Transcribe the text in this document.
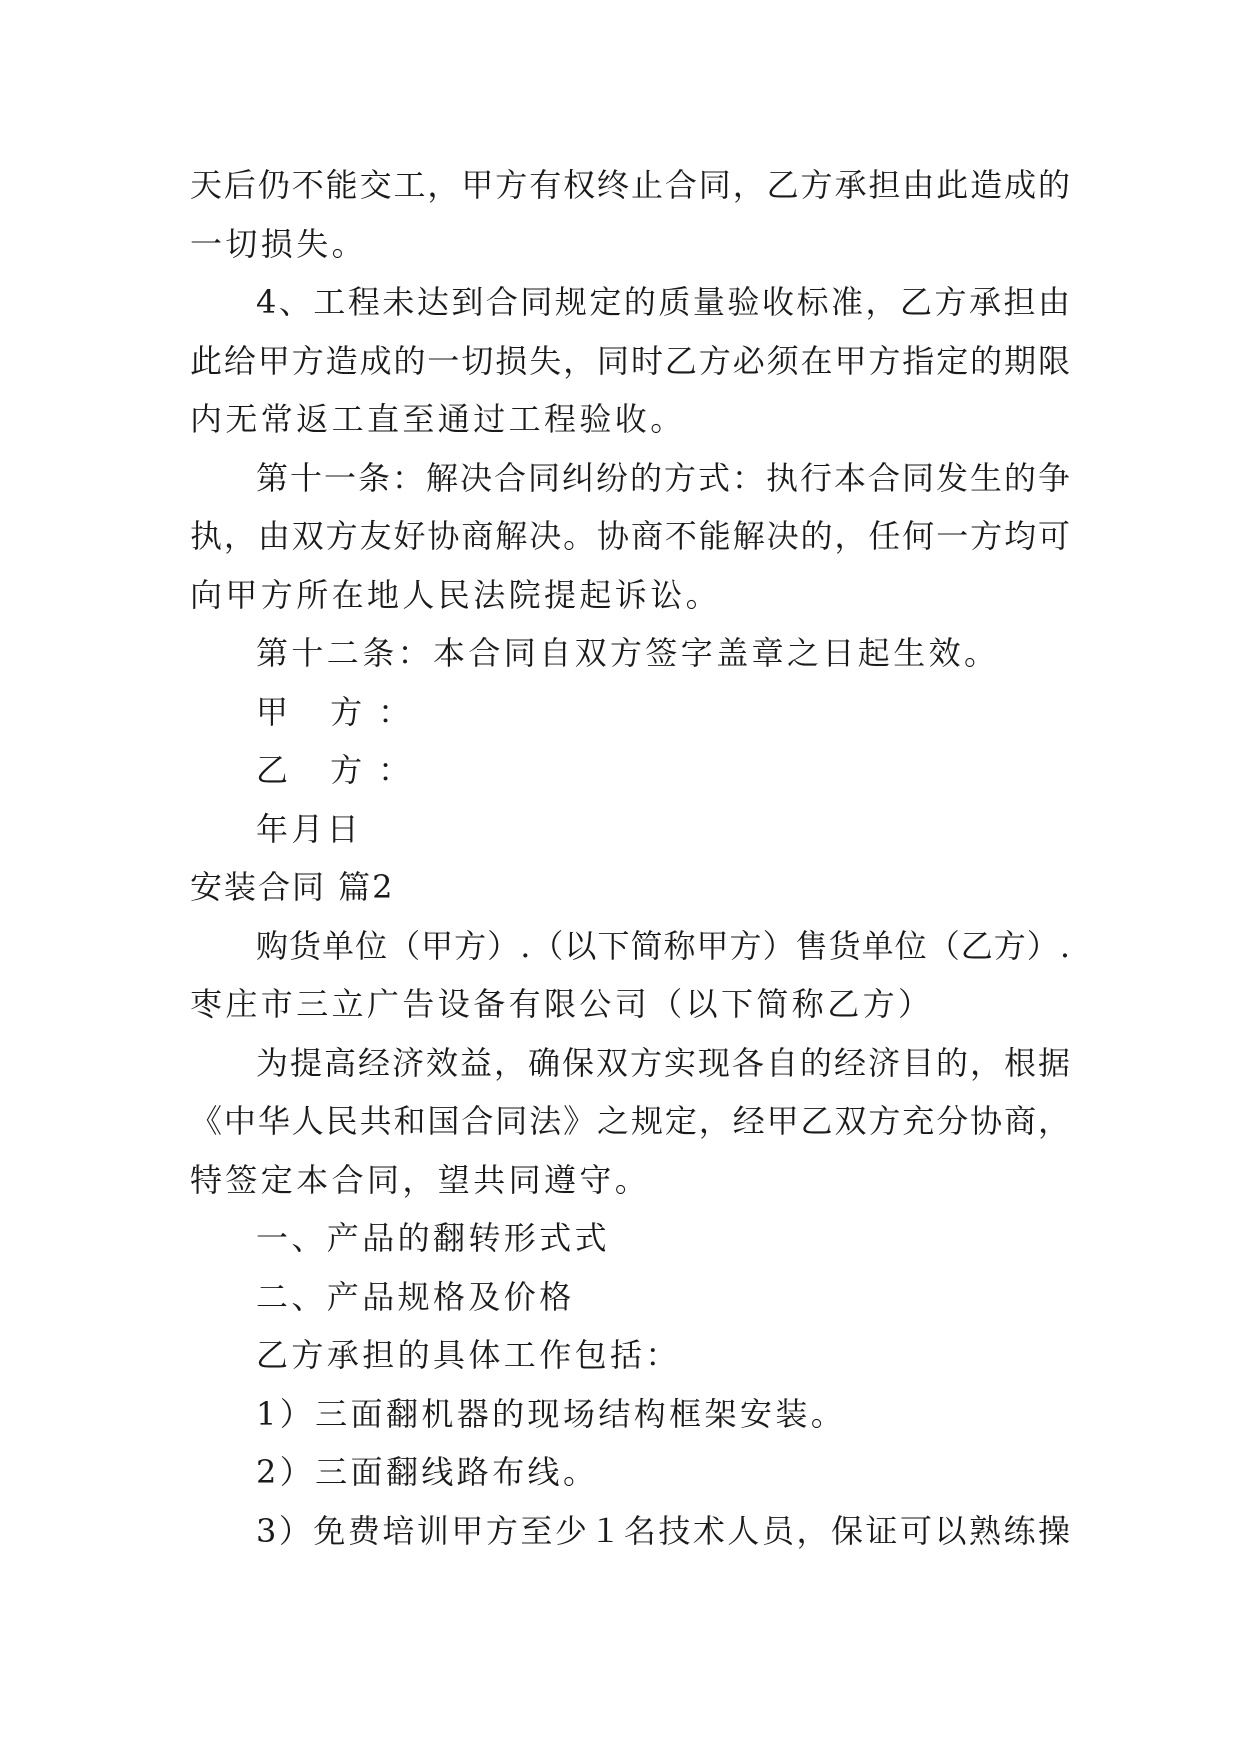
天后仍不能交工，甲方有权终止合同，乙方承担由此造成的
一切损失。
4、工程未达到合同规定的质量验收标准，乙方承担由
此给甲方造成的一切损失，同时乙方必须在甲方指定的期限
内无常返工直至通过工程验收。
第十一条：解决合同纠纷的方式：执行本合同发生的争
执，由双方友好协商解决。协商不能解决的，任何一方均可
向甲方所在地人民法院提起诉讼。
第十二条：本合同自双方签字盖章之日起生效。
甲 方：
乙 方：
年月日
安装合同 篇2
购货单位（甲方）.（以下简称甲方）售货单位（乙方）.
枣庄市三立广告设备有限公司（以下简称乙方）
为提高经济效益，确保双方实现各自的经济目的，根据
《中华人民共和国合同法》之规定，经甲乙双方充分协商，
特签定本合同，望共同遵守。
一、产品的翻转形式式
二、产品规格及价格
乙方承担的具体工作包括：
1）三面翻机器的现场结构框架安装。
2）三面翻线路布线。
3）免费培训甲方至少１名技术人员，保证可以熟练操
